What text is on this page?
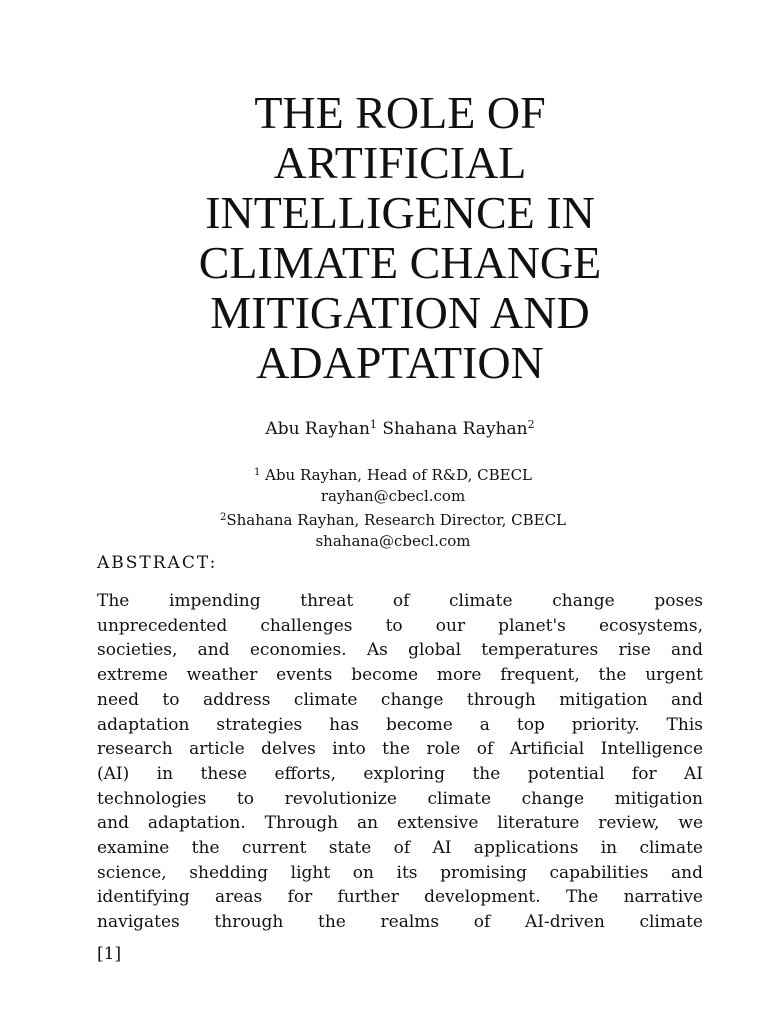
THE ROLE OF
ARTIFICIAL
INTELLIGENCE IN
CLIMATE CHANGE
MITIGATION AND
ADAPTATION
Abu Rayhan$^1$ Shahana Rayhan$^2$
$^1$ Abu Rayhan, Head of R&D, CBECL
rayhan@cbecl.com
$^2$Shahana Rayhan, Research Director, CBECL
shahana@cbecl.com
ABSTRACT:
The impending threat of climate change poses
unprecedented challenges to our planet's ecosystems,
societies, and economies. As global temperatures rise and
extreme weather events become more frequent, the urgent
need to address climate change through mitigation and
adaptation strategies has become a top priority. This
research article delves into the role of Artificial Intelligence
(AI) in these efforts, exploring the potential for AI
technologies to revolutionize climate change mitigation
and adaptation. Through an extensive literature review, we
examine the current state of AI applications in climate
science, shedding light on its promising capabilities and
identifying areas for further development. The narrative
navigates through the realms of AI-driven climate
[1]
